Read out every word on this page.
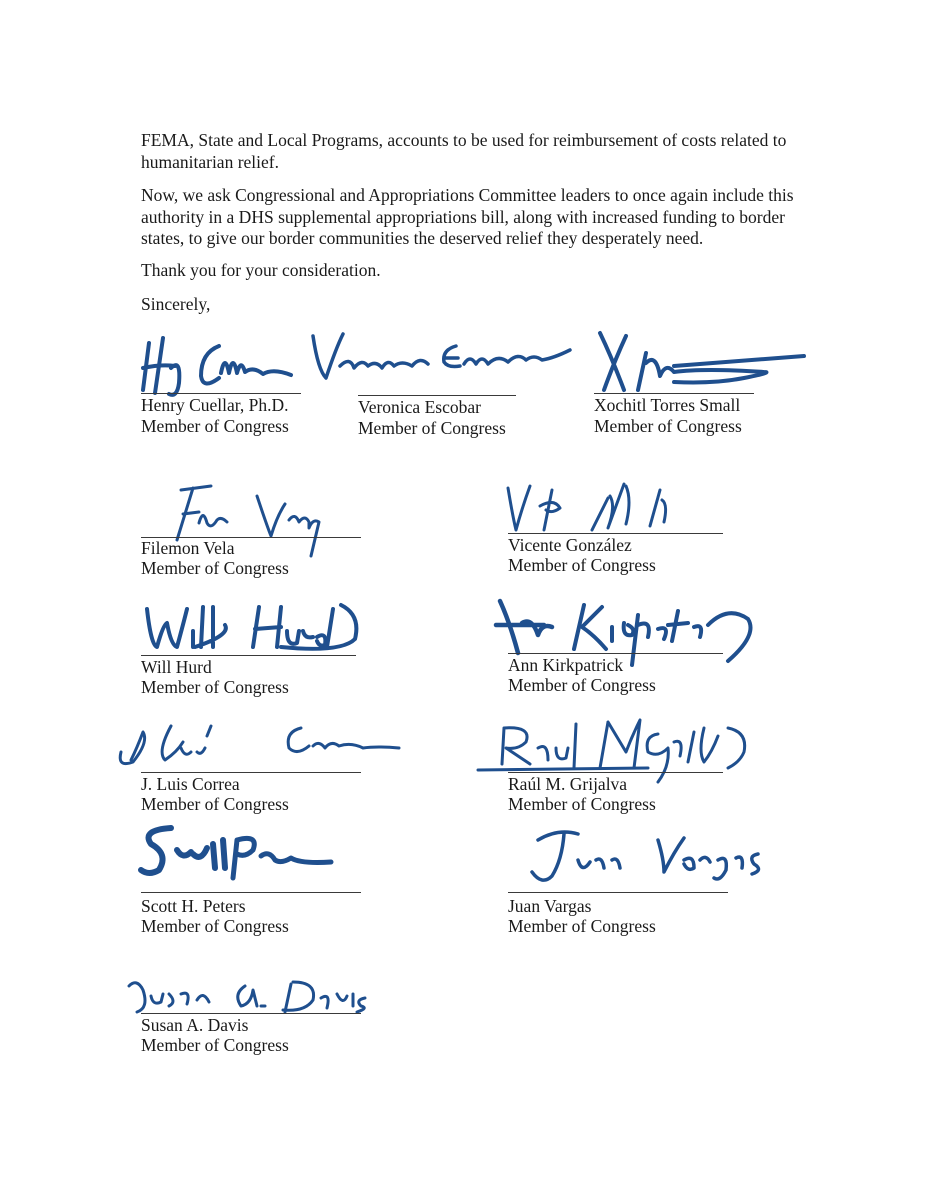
FEMA, State and Local Programs, accounts to be used for reimbursement of costs related to humanitarian relief.

Now, we ask Congressional and Appropriations Committee leaders to once again include this authority in a DHS supplemental appropriations bill, along with increased funding to border states, to give our border communities the deserved relief they desperately need.

Thank you for your consideration.

Sincerely,

Henry Cuellar, Ph.D.
Member of Congress
Veronica Escobar
Member of Congress
Xochitl Torres Small
Member of Congress
Filemon Vela
Member of Congress
Vicente González
Member of Congress
Will Hurd
Member of Congress
Ann Kirkpatrick
Member of Congress
J. Luis Correa
Member of Congress
Raúl M. Grijalva
Member of Congress
Scott H. Peters
Member of Congress
Juan Vargas
Member of Congress
Susan A. Davis
Member of Congress
